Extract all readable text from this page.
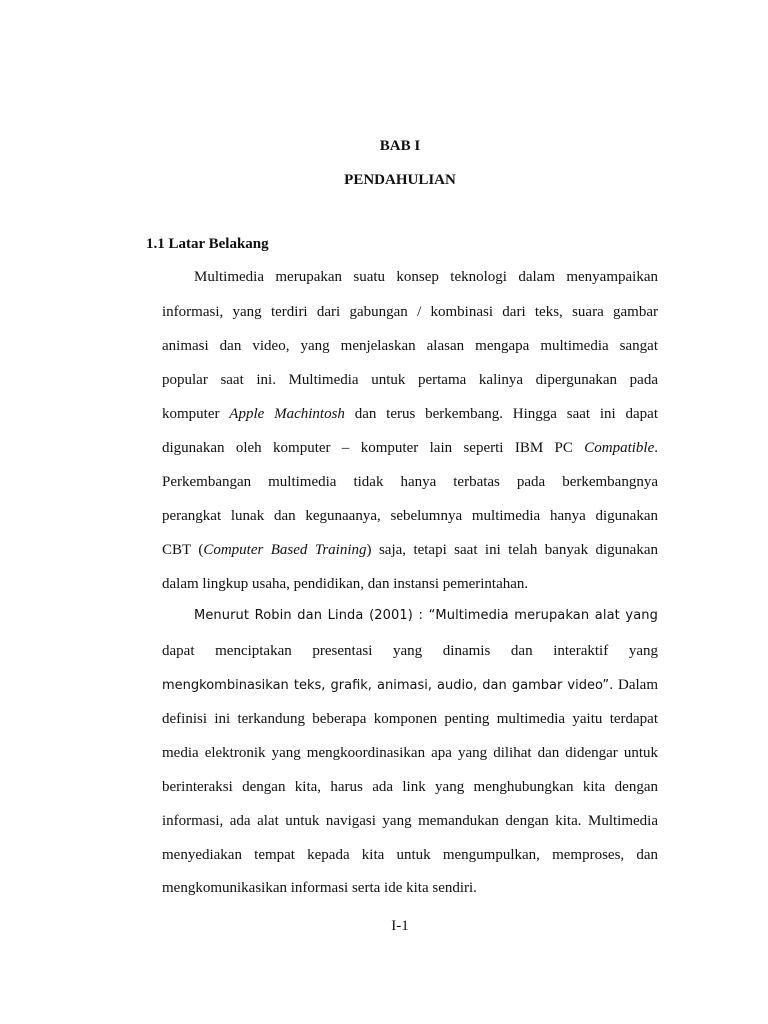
BAB I
PENDAHULIAN
1.1 Latar Belakang
Multimedia merupakan suatu konsep teknologi dalam menyampaikan
informasi, yang terdiri dari gabungan / kombinasi dari teks, suara gambar
animasi dan video, yang menjelaskan alasan mengapa multimedia sangat
popular saat ini. Multimedia untuk pertama kalinya dipergunakan pada
komputer Apple Machintosh dan terus berkembang. Hingga saat ini dapat
digunakan oleh komputer – komputer lain seperti IBM PC Compatible.
Perkembangan multimedia tidak hanya terbatas pada berkembangnya
perangkat lunak dan kegunaanya, sebelumnya multimedia hanya digunakan
CBT (Computer Based Training) saja, tetapi saat ini telah banyak digunakan
dalam lingkup usaha, pendidikan, dan instansi pemerintahan.
Menurut Robin dan Linda (2001) : “Multimedia merupakan alat yang
dapat menciptakan presentasi yang dinamis dan interaktif yang
mengkombinasikan teks, grafik, animasi, audio, dan gambar video”. Dalam
definisi ini terkandung beberapa komponen penting multimedia yaitu terdapat
media elektronik yang mengkoordinasikan apa yang dilihat dan didengar untuk
berinteraksi dengan kita, harus ada link yang menghubungkan kita dengan
informasi, ada alat untuk navigasi yang memandukan dengan kita. Multimedia
menyediakan tempat kepada kita untuk mengumpulkan, memproses, dan
mengkomunikasikan informasi serta ide kita sendiri.
I-1
